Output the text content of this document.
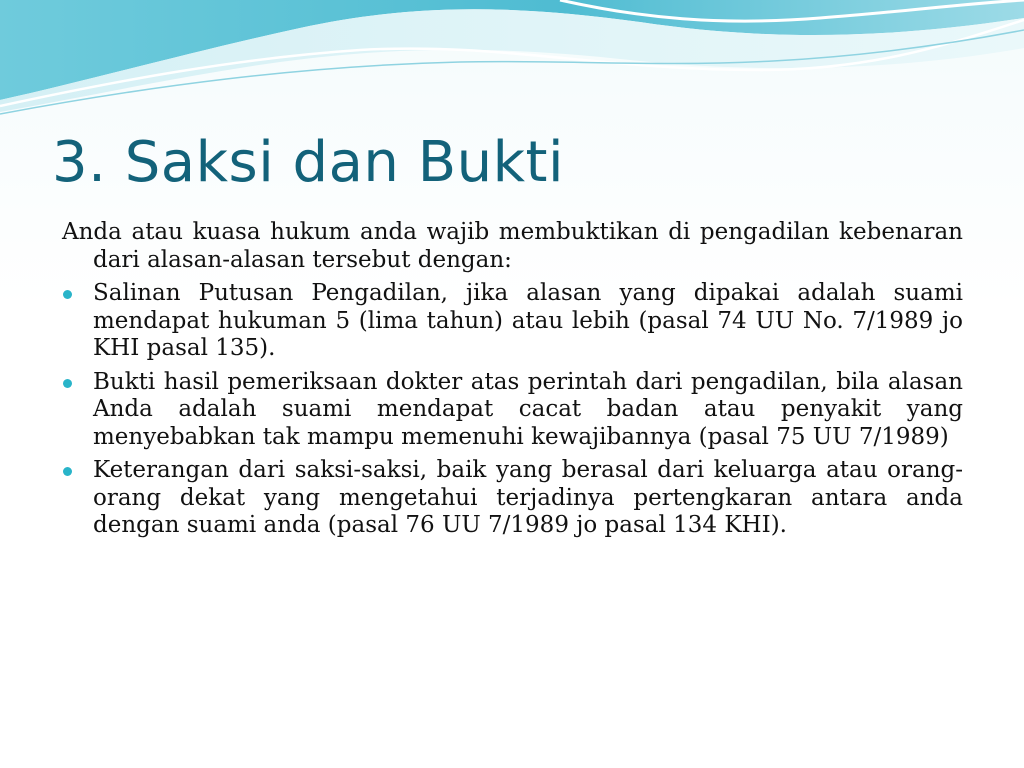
3. Saksi dan Bukti

Anda atau kuasa hukum anda wajib membuktikan di pengadilan kebenaran dari alasan-alasan tersebut dengan:

Salinan Putusan Pengadilan, jika alasan yang dipakai adalah suami mendapat hukuman 5 (lima tahun) atau lebih (pasal 74 UU No. 7/1989 jo KHI pasal 135).
Bukti hasil pemeriksaan dokter atas perintah dari pengadilan, bila alasan Anda adalah suami mendapat cacat badan atau penyakit yang menyebabkan tak mampu memenuhi kewajibannya (pasal 75 UU 7/1989)
Keterangan dari saksi-saksi, baik yang berasal dari keluarga atau orang-orang dekat yang mengetahui terjadinya pertengkaran antara anda dengan suami anda (pasal 76 UU 7/1989 jo pasal 134 KHI).
